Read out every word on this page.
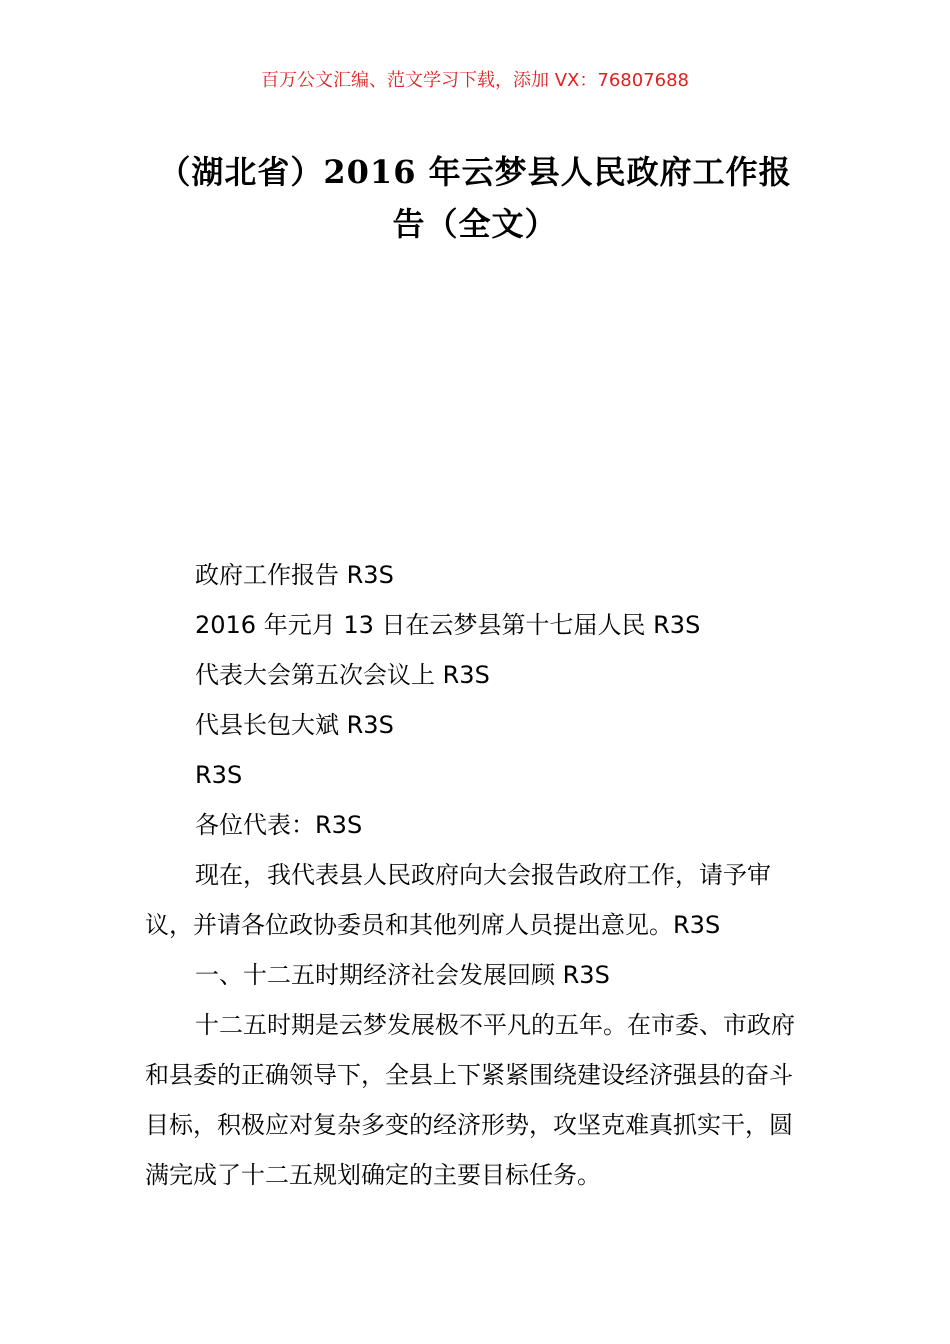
百万公文汇编、范文学习下载，添加 VX：76807688
（湖北省）2016 年云梦县人民政府工作报
告（全文）

政府工作报告 R3S

2016 年元月 13 日在云梦县第十七届人民 R3S

代表大会第五次会议上 R3S

代县长包大斌 R3S

R3S

各位代表：R3S

现在，我代表县人民政府向大会报告政府工作，请予审议，并请各位政协委员和其他列席人员提出意见。R3S

一、十二五时期经济社会发展回顾 R3S

十二五时期是云梦发展极不平凡的五年。在市委、市政府和县委的正确领导下，全县上下紧紧围绕建设经济强县的奋斗目标，积极应对复杂多变的经济形势，攻坚克难真抓实干，圆满完成了十二五规划确定的主要目标任务。
